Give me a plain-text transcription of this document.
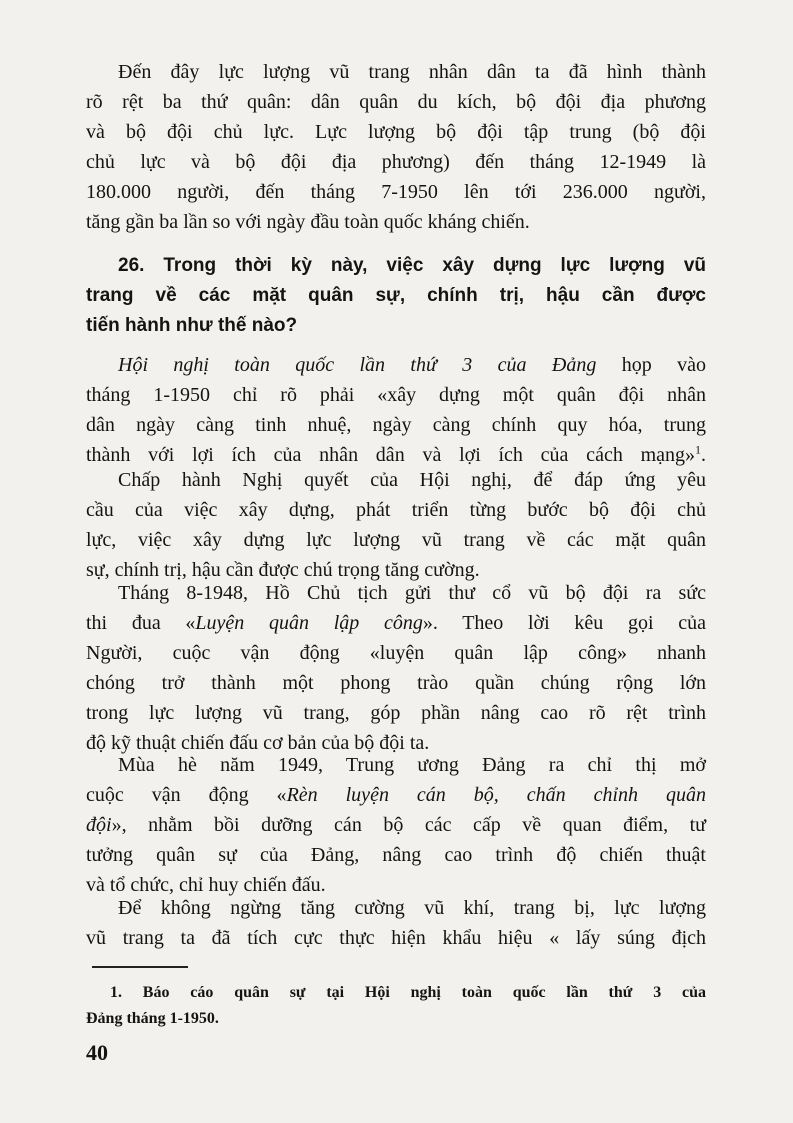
Đến đây lực lượng vũ trang nhân dân ta đã hình thành
rõ rệt ba thứ quân: dân quân du kích, bộ đội địa phương
và bộ đội chủ lực. Lực lượng bộ đội tập trung (bộ đội
chủ lực và bộ đội địa phương) đến tháng 12-1949 là
180.000 người, đến tháng 7-1950 lên tới 236.000 người,
tăng gần ba lần so với ngày đầu toàn quốc kháng chiến.
26. Trong thời kỳ này, việc xây dựng lực lượng vũ
trang về các mặt quân sự, chính trị, hậu cần được
tiến hành như thế nào?
Hội nghị toàn quốc lần thứ 3 của Đảng họp vào
tháng 1-1950 chỉ rõ phải «xây dựng một quân đội nhân
dân ngày càng tinh nhuệ, ngày càng chính quy hóa, trung
thành với lợi ích của nhân dân và lợi ích của cách mạng»$^1$.
Chấp hành Nghị quyết của Hội nghị, để đáp ứng yêu
cầu của việc xây dựng, phát triển từng bước bộ đội chủ
lực, việc xây dựng lực lượng vũ trang về các mặt quân
sự, chính trị, hậu cần được chú trọng tăng cường.
Tháng 8-1948, Hồ Chủ tịch gửi thư cổ vũ bộ đội ra sức
thi đua «Luyện quân lập công». Theo lời kêu gọi của
Người, cuộc vận động «luyện quân lập công» nhanh
chóng trở thành một phong trào quần chúng rộng lớn
trong lực lượng vũ trang, góp phần nâng cao rõ rệt trình
độ kỹ thuật chiến đấu cơ bản của bộ đội ta.
Mùa hè năm 1949, Trung ương Đảng ra chỉ thị mở
cuộc vận động «Rèn luyện cán bộ, chấn chỉnh quân
đội», nhằm bồi dưỡng cán bộ các cấp về quan điểm, tư
tưởng quân sự của Đảng, nâng cao trình độ chiến thuật
và tổ chức, chỉ huy chiến đấu.
Để không ngừng tăng cường vũ khí, trang bị, lực lượng
vũ trang ta đã tích cực thực hiện khẩu hiệu « lấy súng địch
1. Báo cáo quân sự tại Hội nghị toàn quốc lần thứ 3 của
Đảng tháng 1-1950.
40
